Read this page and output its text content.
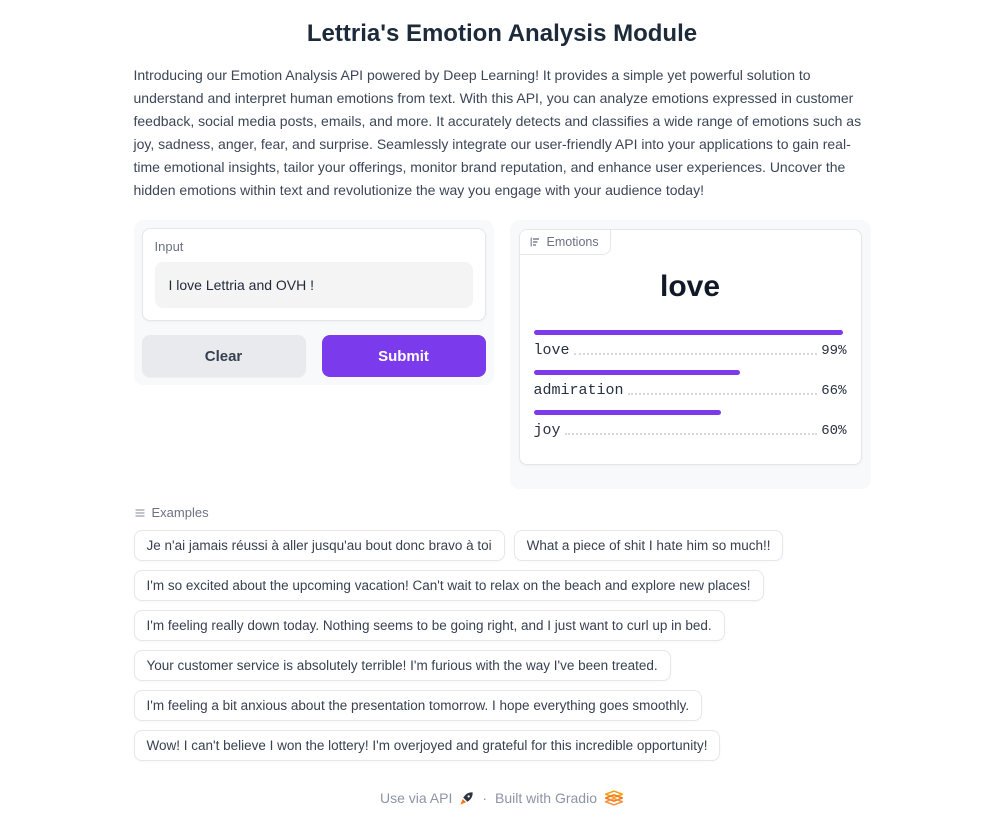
Lettria's Emotion Analysis Module

Introducing our Emotion Analysis API powered by Deep Learning! It provides a simple yet powerful solution to understand and interpret human emotions from text. With this API, you can analyze emotions expressed in customer feedback, social media posts, emails, and more. It accurately detects and classifies a wide range of emotions such as joy, sadness, anger, fear, and surprise. Seamlessly integrate our user-friendly API into your applications to gain real-time emotional insights, tailor your offerings, monitor brand reputation, and enhance user experiences. Uncover the hidden emotions within text and revolutionize the way you engage with your audience today!

Input
I love Lettria and OVH !
Clear	Submit
Emotions
love
love	99%
admiration	66%
joy	60%
Examples
Je n'ai jamais réussi à aller jusqu'au bout donc bravo à toi	What a piece of shit I hate him so much!!
I'm so excited about the upcoming vacation! Can't wait to relax on the beach and explore new places!
I'm feeling really down today. Nothing seems to be going right, and I just want to curl up in bed.
Your customer service is absolutely terrible! I'm furious with the way I've been treated.
I'm feeling a bit anxious about the presentation tomorrow. I hope everything goes smoothly.
Wow! I can't believe I won the lottery! I'm overjoyed and grateful for this incredible opportunity!
Use via API · Built with Gradio
